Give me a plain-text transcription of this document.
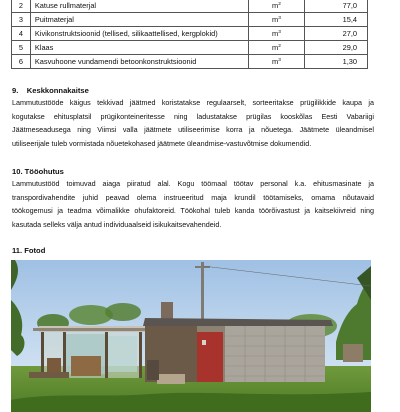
2	Katuse rullmaterjal	$m^2$	77,0
3	Puitmaterjal	$m^3$	15,4
4	Kivikonstruktsioonid (tellised, silikaattellised, kergplokid)	$m^3$	27,0
5	Klaas	$m^2$	29,0
6	Kasvuhoone vundamendi betoonkonstruktsioonid	$m^3$	1,30
9.    Keskkonnakaitse
Lammutustööde käigus tekkivad jäätmed koristatakse regulaarselt, sorteeritakse prügilikkide kaupa ja
kogutakse ehitusplatsil prügikonteineritesse ning ladustatakse prügilas kooskõlas Eesti Vabariigi
Jäätmeseadusega ning Viimsi valla jäätmete utiliseerimise korra ja nõuetega. Jäätmete üleandmisel
utiliseerijale tuleb vormistada nõuetekohased jäätmete üleandmise-vastuvõtmise dokumendid.
10. Tööohutus
Lammutustööd toimuvad aiaga piiratud alal. Kogu töömaal töötav personal k.a. ehitusmasinate ja
transpordivahendite juhid peavad olema instrueeritud maja krundil töötamiseks, omama nõutavaid
töökogemusi ja teadma võimalikke ohufaktoreid. Töökohal tuleb kanda töörõivastust ja kaitsekiivreid ning
kasutada selleks välja antud individuaalseid isikukaitsevahendeid.
11. Fotod
